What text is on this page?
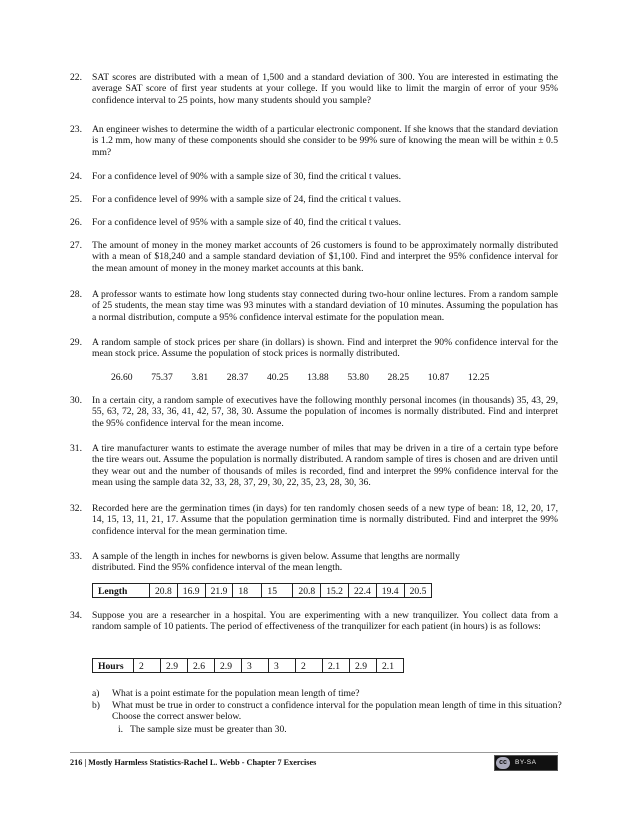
22.	SAT scores are distributed with a mean of 1,500 and a standard deviation of 300. You are interested in estimating the average SAT score of first year students at your college. If you would like to limit the margin of error of your 95% confidence interval to 25 points, how many students should you sample?
23.	An engineer wishes to determine the width of a particular electronic component. If she knows that the standard deviation is 1.2 mm, how many of these components should she consider to be 99% sure of knowing the mean will be within ± 0.5 mm?
24.	For a confidence level of 90% with a sample size of 30, find the critical t values.
25.	For a confidence level of 99% with a sample size of 24, find the critical t values.
26.	For a confidence level of 95% with a sample size of 40, find the critical t values.
27.	The amount of money in the money market accounts of 26 customers is found to be approximately normally distributed with a mean of $18,240 and a sample standard deviation of $1,100. Find and interpret the 95% confidence interval for the mean amount of money in the money market accounts at this bank.
28.	A professor wants to estimate how long students stay connected during two-hour online lectures. From a random sample of 25 students, the mean stay time was 93 minutes with a standard deviation of 10 minutes. Assuming the population has a normal distribution, compute a 95% confidence interval estimate for the population mean.
29.	A random sample of stock prices per share (in dollars) is shown. Find and interpret the 90% confidence interval for the mean stock price. Assume the population of stock prices is normally distributed.
26.60 75.37 3.81 28.37 40.25 13.88 53.80 28.25 10.87 12.25
30.	In a certain city, a random sample of executives have the following monthly personal incomes (in thousands) 35, 43, 29, 55, 63, 72, 28, 33, 36, 41, 42, 57, 38, 30. Assume the population of incomes is normally distributed. Find and interpret the 95% confidence interval for the mean income.
31.	A tire manufacturer wants to estimate the average number of miles that may be driven in a tire of a certain type before the tire wears out. Assume the population is normally distributed. A random sample of tires is chosen and are driven until they wear out and the number of thousands of miles is recorded, find and interpret the 99% confidence interval for the mean using the sample data 32, 33, 28, 37, 29, 30, 22, 35, 23, 28, 30, 36.
32.	Recorded here are the germination times (in days) for ten randomly chosen seeds of a new type of bean: 18, 12, 20, 17, 14, 15, 13, 11, 21, 17. Assume that the population germination time is normally distributed. Find and interpret the 99% confidence interval for the mean germination time.
33.	A sample of the length in inches for newborns is given below. Assume that lengths are normally distributed. Find the 95% confidence interval of the mean length.
Length	20.8	16.9	21.9	18	15	20.8	15.2	22.4	19.4	20.5
34.	Suppose you are a researcher in a hospital. You are experimenting with a new tranquilizer. You collect data from a random sample of 10 patients. The period of effectiveness of the tranquilizer for each patient (in hours) is as follows:
Hours	2	2.9	2.6	2.9	3	3	2	2.1	2.9	2.1
a)	What is a point estimate for the population mean length of time?
b)	What must be true in order to construct a confidence interval for the population mean length of time in this situation? Choose the correct answer below.
i. The sample size must be greater than 30.
216 | Mostly Harmless Statistics-Rachel L. Webb - Chapter 7 Exercises	cc	BY-SA
